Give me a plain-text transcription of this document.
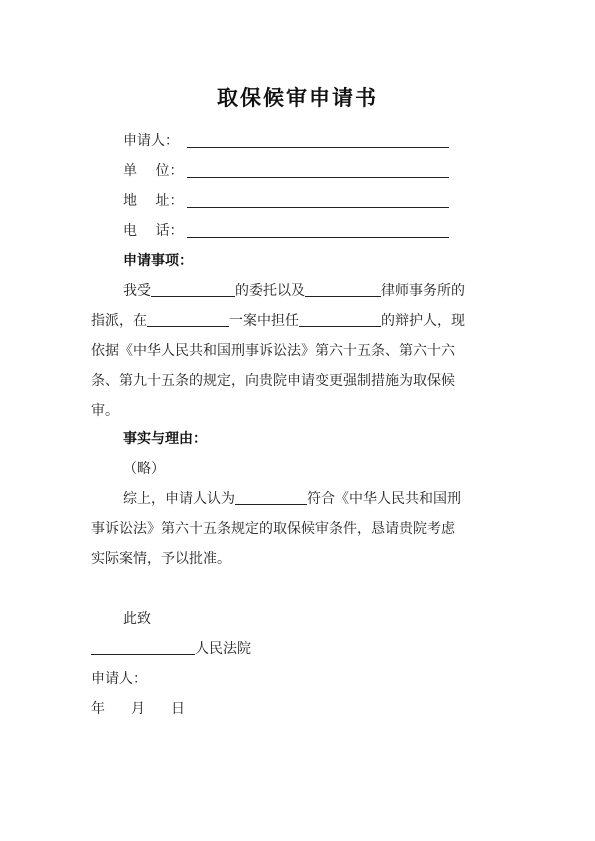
取保候审申请书
申请人：
单　 位：
地　 址：
电　 话：
申请事项：
我受	的委托以及	律师事务所的
指派，在	一案中担任	的辩护人，现
依据《中华人民共和国刑事诉讼法》第六十五条、第六十六
条、第九十五条的规定，向贵院申请变更强制措施为取保候
审。
事实与理由：
（略）
综上，申请人认为	符合《中华人民共和国刑
事诉讼法》第六十五条规定的取保候审条件，恳请贵院考虑
实际案情，予以批准。
此致
人民法院
申请人：
年 月 日
